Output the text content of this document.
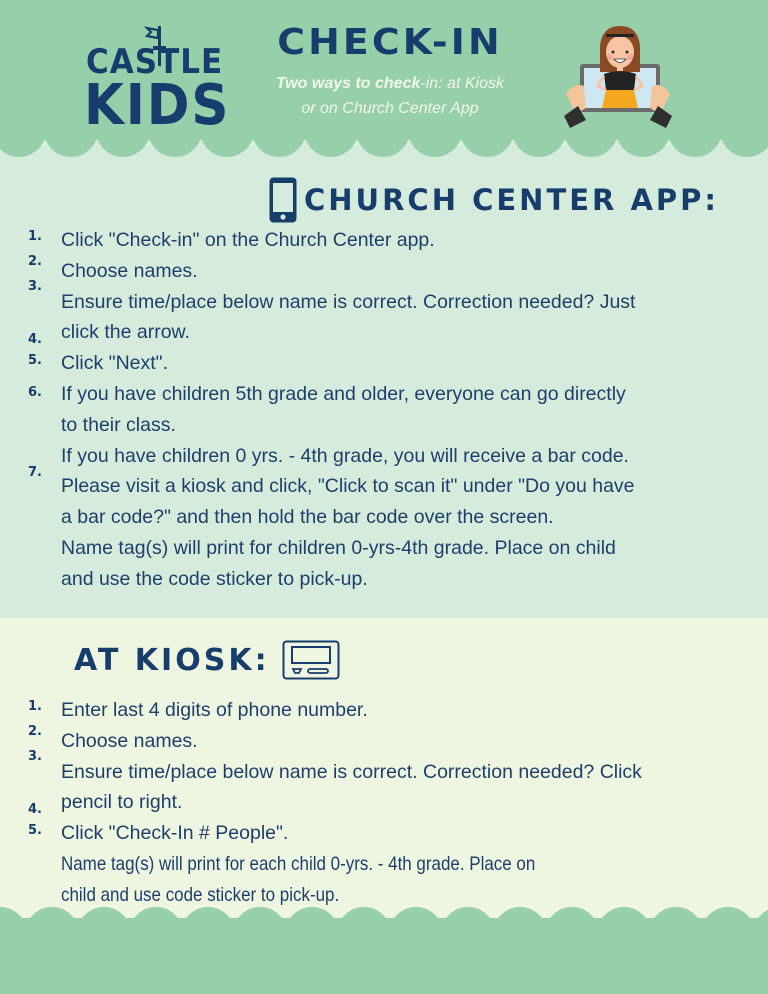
CASTLE
KIDS
CHECK-IN
Two ways to check-in: at Kiosk
or on Church Center App
CHURCH CENTER APP:
1.
2.
3.
4.
5.
6.
7.
Click "Check-in" on the Church Center app.
Choose names.
Ensure time/place below name is correct. Correction needed? Just
click the arrow.
Click "Next".
If you have children 5th grade and older, everyone can go directly
to their class.
If you have children 0 yrs. - 4th grade, you will receive a bar code.
Please visit a kiosk and click, "Click to scan it" under "Do you have
a bar code?" and then hold the bar code over the screen.
Name tag(s) will print for children 0-yrs-4th grade. Place on child
and use the code sticker to pick-up.
AT KIOSK:
1.
2.
3.
4.
5.
Enter last 4 digits of phone number.
Choose names.
Ensure time/place below name is correct. Correction needed? Click
pencil to right.
Click "Check-In # People".
Name tag(s) will print for each child 0-yrs. - 4th grade. Place on
child and use code sticker to pick-up.
